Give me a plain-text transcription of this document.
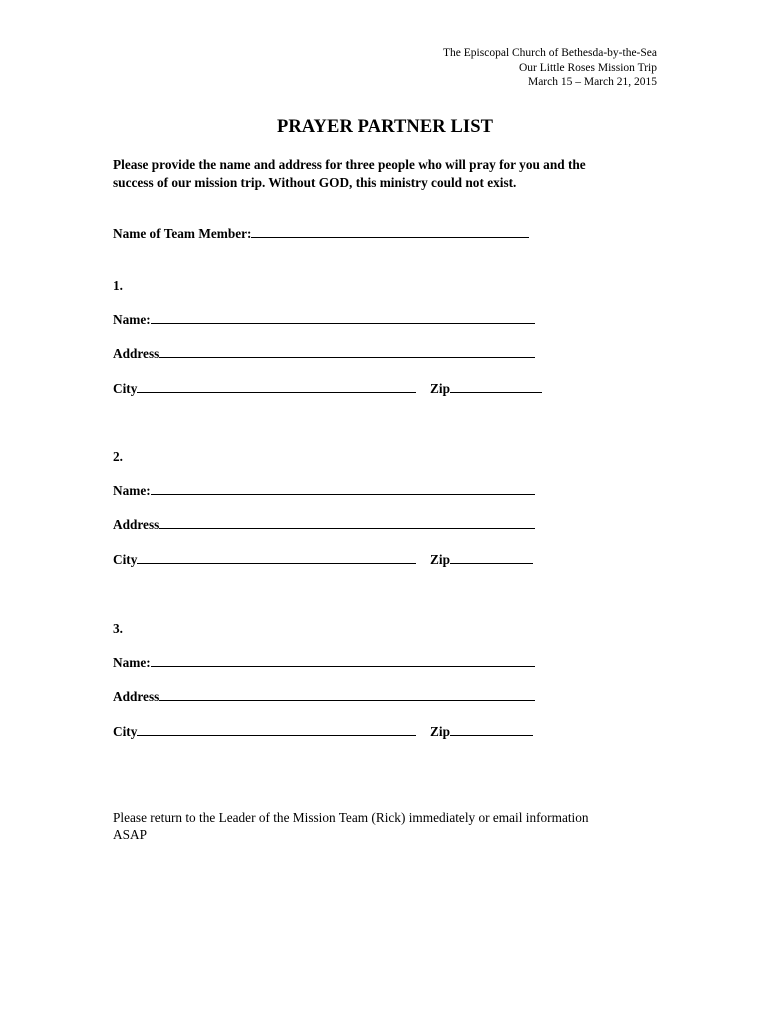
The Episcopal Church of Bethesda-by-the-Sea
Our Little Roses Mission Trip
March 15 – March 21, 2015
PRAYER PARTNER LIST
Please provide the name and address for three people who will pray for you and the
success of our mission trip. Without GOD, this ministry could not exist.
Name of Team Member:
1.
Name:
Address
City	Zip
2.
Name:
Address
City	Zip
3.
Name:
Address
City	Zip
Please return to the Leader of the Mission Team (Rick) immediately or email information
ASAP
